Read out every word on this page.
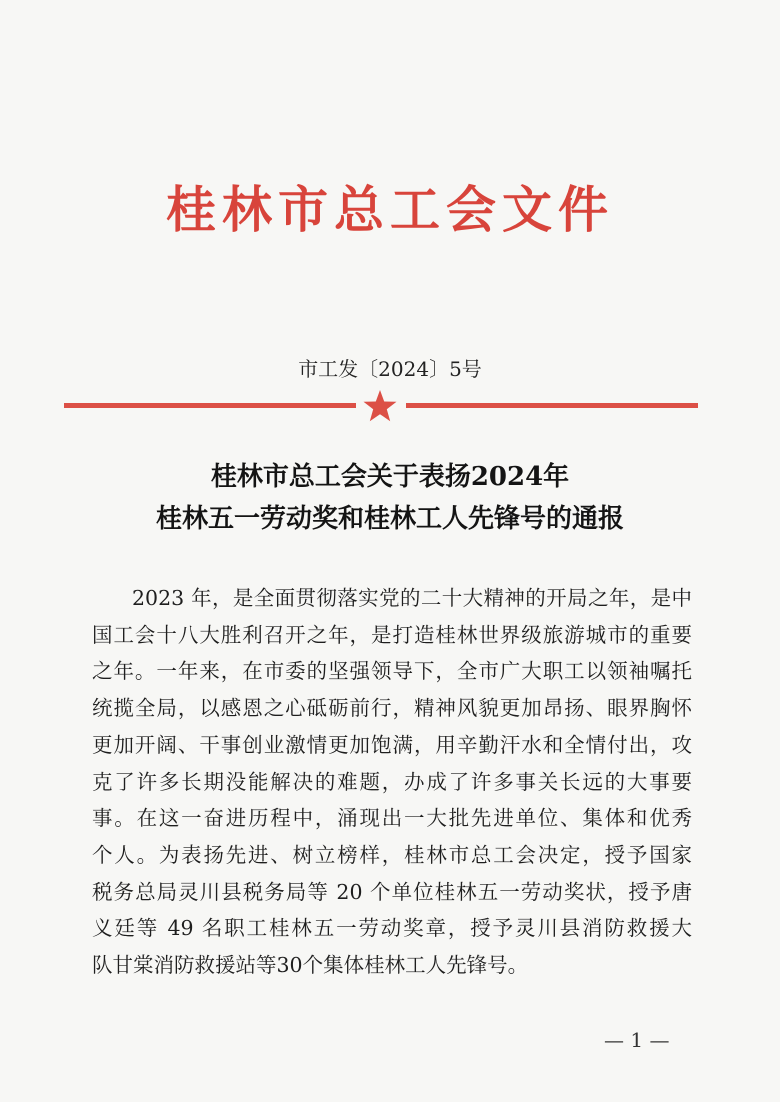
桂林市总工会文件
市工发〔2024〕5号
桂林市总工会关于表扬2024年
桂林五一劳动奖和桂林工人先锋号的通报
2023 年，是全面贯彻落实党的二十大精神的开局之年，是中
国工会十八大胜利召开之年，是打造桂林世界级旅游城市的重要
之年。一年来，在市委的坚强领导下，全市广大职工以领袖嘱托
统揽全局，以感恩之心砥砺前行，精神风貌更加昂扬、眼界胸怀
更加开阔、干事创业激情更加饱满，用辛勤汗水和全情付出，攻
克了许多长期没能解决的难题，办成了许多事关长远的大事要
事。在这一奋进历程中，涌现出一大批先进单位、集体和优秀
个人。为表扬先进、树立榜样，桂林市总工会决定，授予国家
税务总局灵川县税务局等 20 个单位桂林五一劳动奖状，授予唐
义廷等 49 名职工桂林五一劳动奖章，授予灵川县消防救援大
队甘棠消防救援站等30个集体桂林工人先锋号。
— 1 —
